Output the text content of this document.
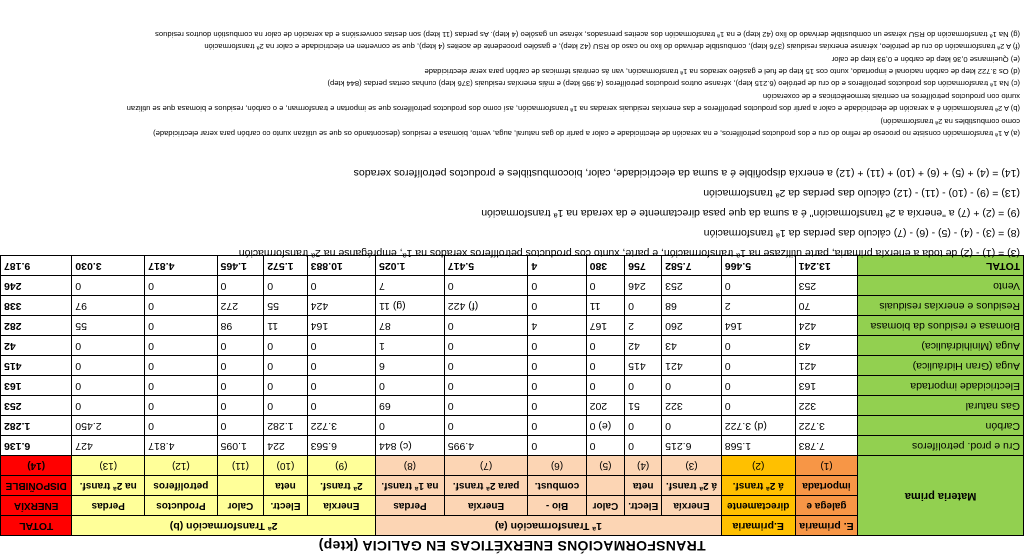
TRANSFORMACIÓNS ENERXÉTICAS EN GALICIA (ktep)
Materia prima	E. primaria	E.primaria	1ª Transformación (a)						2ª Transformación (b)					TOTAL
	galega e	directamente	Enerxía	Electr.	Calor	Bio -	Enerxía	Perdas	Enerxía	Electr.	Calor	Productos	Perdas	ENERXÍA
	importada	á 2ª transf.	á 2ª transf.	neta		combust.	para 2ª transf.	na 1ª transf.	2ª transf.	neta		petrolíferos	na 2ª transf.	DISPOÑIBLE
	(1)	(2)	(3)	(4)	(5)	(6)	(7)	(8)	(9)	(10)	(11)	(12)	(13)	(14)
Cru e prod. petrolíferos	7.783	1.568	6.215	0	0	0	4.995	(c) 844	6.563	224	1.095	4.817	427	6.136
Carbón	3.722	(d) 3.722	0	0	(e) 0	0	0	0	3.722	1.282	0	0	2.450	1.282
Gas natural	322	0	322	51	202	0	0	69	0	0	0	0	0	253
Electricidade importada	163	0	0	0	0	0	0	0	0	0	0	0	0	163
Auga (Gran Hidráulica)	421	0	421	415	0	0	0	6	0	0	0	0	0	415
Auga (Minihidráulica)	43	0	43	42	0	0	0	1	0	0	0	0	0	42
Biomasa e residuos da biomasa	424	164	260	2	167	4	0	87	164	11	98	0	55	282
Residuos e enerxías residuais	70	2	68	0	11	0	(f) 422	(g) 11	424	55	272	0	97	338
Vento	253	0	253	246	0	0	0	7	0	0	0	0	0	246
TOTAL	13.241	5.466	7.582	756	380	4	5.417	1.025	10.883	1.572	1.465	4.817	3.030	9.187
(3) = (1) - (2) de toda a enerxía primaria, parte utilízase na 1ª transformación, e parte, xunto cos productos petrolíferos xerados na 1ª, empréganse na 2ª transformación
(8) = (3) - (4) - (5) - (6) - (7) cálculo das perdas da 1ª transformación
(9) = (2) + (7) a "enerxía a 2ª transformación" é a suma da que pasa directamente e da xerada na 1ª transformación
(13) = (9) - (10) - (11) - (12) cálculo das perdas da 2ª transformación
(14) = (4) + (5) + (6) + (10) + (11) + (12) a enerxía dispoñible é a suma da electricidade, calor, biocombustibles e productos petrolíferos xerados
(a) A 1ª transformación consiste no proceso de refino do cru e dos productos petrolíferos, e na xeración de electricidade e calor a partir do gas natural, auga, vento, biomasa e residuos (descontando os que se utilizan xunto co carbón para xerar electricidade)
como combustibles na 2ª transformación)
(b) A 2ª transformación é a xeración de electricidade e calor a partir dos productos petrolíferos e das enerxías residuais xeradas na 1ª transformación, así como dos productos petrolíferos que se importan e transforman, e o carbón, residuos e biomasa que se utilizan
xunto con productos petrolíferos en centrais termoeléctricas e de coxeración
(c) Na 1ª transformación dos productos petrolíferos e do cru de petróleo (6.215 ktep), xéranse outros productos petrolíferos (4.995 ktep) e máis enerxías residuais (376 ktep) cunhas certas perdas (844 ktep)
(d) Os 3.722 ktep de carbón nacional e importado, xunto cos 15 ktep de fuel e gasóleo xerados na 1ª transformación, van ás centrais térmicas de carbón para xerar electricidade
(e) Queimanse 0,36 ktep de carbón e 0,93 ktep de calor
(f) A 2ª transformación do cru de petróleo, xéranse enerxías residuais (376 ktep), combustible derivado do lixo no caso do RSU (42 ktep), e gasóleo procedente de aceites (4 ktep), que se converten en electricidade e calor na 2ª transformación
(g) Na 1ª transformación do RSU xérase un combustible derivado do lixo (42 ktep) e na 1ª transformación dos aceites prensados, xérase un gasóleo (4 ktep). As perdas (11 ktep) son destas conversións e da xeración de calor na combustión doutros residuos
